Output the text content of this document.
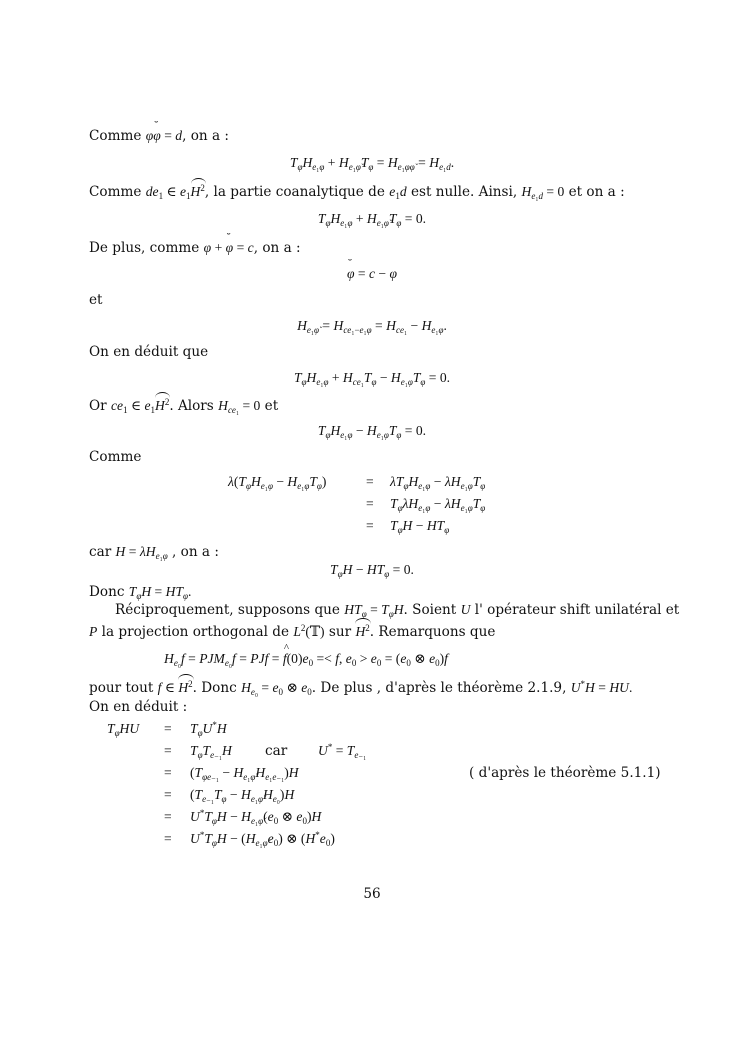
Comme φφ ˘ = d, on a :
$T_\varphi H_{e_1\varphi} + H_{e_1\varphĭ}T_\varphi = H_{e_1\varphi\varphĭ} = H_{e_1d}$.
Comme $de_1$ ∈ $e_1H^2$, la partie coanalytique de $e_1d$ est nulle. Ainsi, $H_{e_1d} = 0$ et on a :
$T_\varphi H_{e_1\varphi} + H_{e_1\varphĭ}T_\varphi = 0$.
De plus, comme φ + φ ˘ = c, on a :
φ ˘ = c − φ
et
$H_{e_1\varphĭ} = H_{ce_1-e_1\varphi} = H_{ce_1} - H_{e_1\varphi}$.
On en déduit que
$T_\varphi H_{e_1\varphi} + H_{ce_1}T_\varphi - H_{e_1\varphi}T_\varphi = 0$.
Or $ce_1$ ∈ $e_1H^2$. Alors $H_{ce_1} = 0$ et
$T_\varphi H_{e_1\varphi} - H_{e_1\varphi}T_\varphi = 0$.
Comme
$\lambda(T_\varphi H_{e_1\varphi} - H_{e_1\varphi}T_\varphi)$	= $\lambda T_\varphi H_{e_1\varphi} - \lambda H_{e_1\varphi}T_\varphi$
= $T_\varphi\lambda H_{e_1\varphi} - \lambda H_{e_1\varphi}T_\varphi$
= $T_\varphi H - HT_\varphi$
car $H = \lambda H_{e_1\varphi}$ , on a :
$T_\varphi H - HT_\varphi = 0$.
Donc $T_\varphi H = HT_\varphi$.
Réciproquement, supposons que $HT_\varphi = T_\varphi H$. Soient U l' opérateur shift unilatéral et
P la projection orthogonal de $L^2(𝕋)$ sur $H^2$. Remarquons que
$H_{e_0}f = PJM_{e_0}f$ = PJf = f $\^{}(0)e_0 =< f$, $e_0 > e_0 = (e_0$ ⊗ $e_0)f$
pour tout f ∈ $H^2$. Donc $H_{e_0} = e_0$ ⊗ $e_0$. De plus , d'après le théorème 2.1.9, U*H = HU.
On en déduit :
$T_\varphi HU = T_\varphi U^*H$
= $T_\varphi T_{e_{-1}}H$ car $U^* = T_{e_{-1}}$
= $(T_{\varphi e_{-1}} - H_{e_1\varphĭ}H_{e_1e_{-1}})H$	( d'après le théorème 5.1.1)
= $(T_{e_{-1}}T_\varphi - H_{e_1\varphĭ}H_{e_0})H$
= $U^*T_\varphi H - H_{e_1\varphĭ}(e_0$ ⊗ $e_0)H$
= $U^*T_\varphi H - (H_{e_1\varphĭ}e_0)$ ⊗ $(H^*e_0)$
56
